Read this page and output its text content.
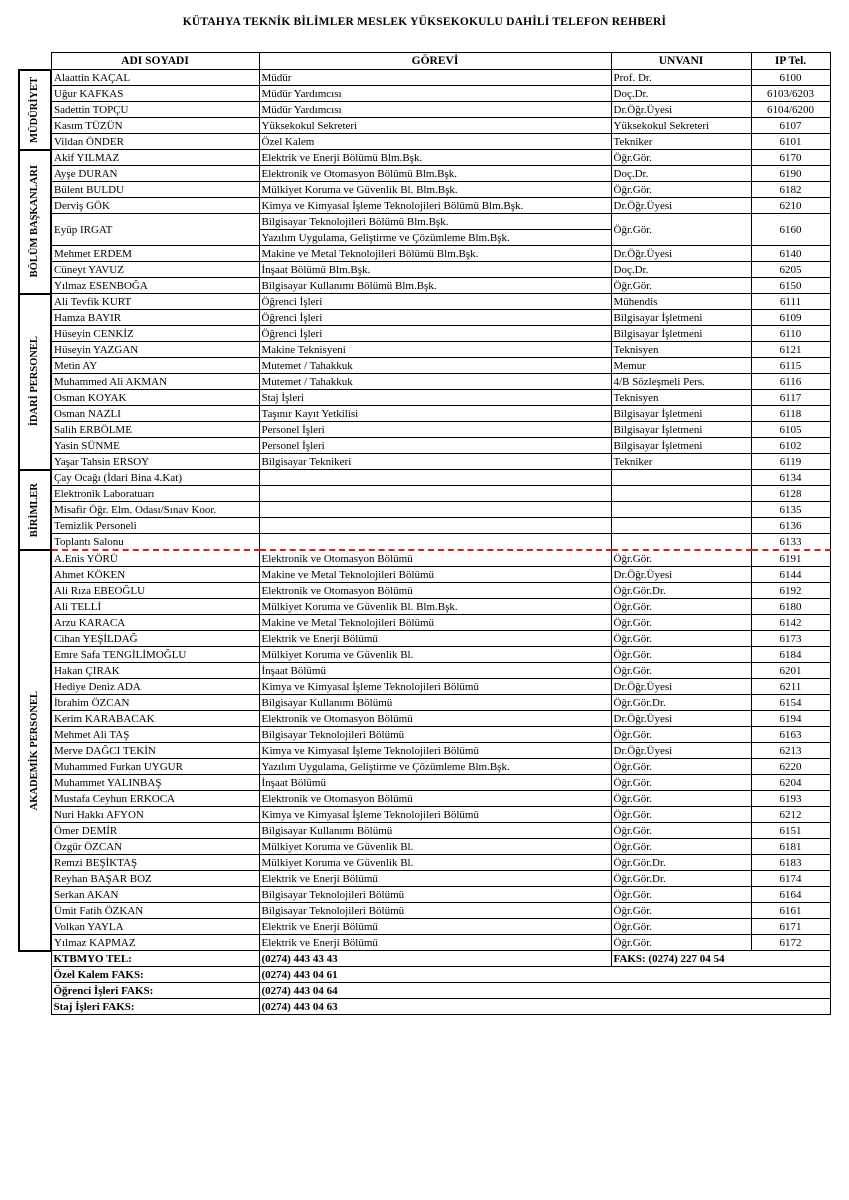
KÜTAHYA TEKNİK BİLİMLER MESLEK YÜKSEKOKULU DAHİLİ TELEFON REHBERİ
	ADI SOYADI	GÖREVİ	UNVANI	IP Tel.

MÜDÜRİYET	Alaattin KAÇAL	Müdür	Prof. Dr.	6100
	Uğur KAFKAS	Müdür Yardımcısı	Doç.Dr.	6103/6203
	Sadettin TOPÇU	Müdür Yardımcısı	Dr.Öğr.Üyesi	6104/6200
	Kasım TÜZÜN	Yüksekokul Sekreteri	Yüksekokul Sekreteri	6107
	Vildan ÖNDER	Özel Kalem	Tekniker	6101

BÖLÜM BAŞKANLARI	Akif YILMAZ	Elektrik ve Enerji Bölümü Blm.Bşk.	Öğr.Gör.	6170
	Ayşe DURAN	Elektronik ve Otomasyon Bölümü Blm.Bşk.	Doç.Dr.	6190
	Bülent BULDU	Mülkiyet Koruma ve Güvenlik Bl. Blm.Bşk.	Öğr.Gör.	6182
	Derviş GÖK	Kimya ve Kimyasal İşleme Teknolojileri Bölümü Blm.Bşk.	Dr.Öğr.Üyesi	6210
	Eyüp IRGAT	Bilgisayar Teknolojileri Bölümü Blm.Bşk.	Öğr.Gör.	6160
		Yazılım Uygulama, Geliştirme ve Çözümleme Blm.Bşk.		
	Mehmet ERDEM	Makine ve Metal Teknolojileri Bölümü Blm.Bşk.	Dr.Öğr.Üyesi	6140
	Cüneyt YAVUZ	İnşaat Bölümü Blm.Bşk.	Doç.Dr.	6205
	Yılmaz ESENBOĞA	Bilgisayar Kullanımı Bölümü Blm.Bşk.	Öğr.Gör.	6150

İDARİ PERSONEL	Ali Tevfik KURT	Öğrenci İşleri	Mühendis	6111
	Hamza BAYIR	Öğrenci İşleri	Bilgisayar İşletmeni	6109
	Hüseyin CENKİZ	Öğrenci İşleri	Bilgisayar İşletmeni	6110
	Hüseyin YAZGAN	Makine Teknisyeni	Teknisyen	6121
	Metin AY	Mutemet / Tahakkuk	Memur	6115
	Muhammed Ali AKMAN	Mutemet / Tahakkuk	4/B Sözleşmeli Pers.	6116
	Osman KOYAK	Staj İşleri	Teknisyen	6117
	Osman NAZLI	Taşınır Kayıt Yetkilisi	Bilgisayar İşletmeni	6118
	Salih ERBÖLME	Personel İşleri	Bilgisayar İşletmeni	6105
	Yasin SÜNME	Personel İşleri	Bilgisayar İşletmeni	6102
	Yaşar Tahsin ERSOY	Bilgisayar Teknikeri	Tekniker	6119

BİRİMLER	Çay Ocağı (İdari Bina 4.Kat)			6134
	Elektronik Laboratuarı			6128
	Misafir Öğr. Elm. Odası/Sınav Koor.			6135
	Temizlik Personeli			6136
	Toplantı Salonu			6133

AKADEMİK PERSONEL	A.Enis YÖRÜ	Elektronik ve Otomasyon Bölümü	Öğr.Gör.	6191
	Ahmet KÖKEN	Makine ve Metal Teknolojileri Bölümü	Dr.Öğr.Üyesi	6144
	Ali Rıza EBEOĞLU	Elektronik ve Otomasyon Bölümü	Öğr.Gör.Dr.	6192
	Ali TELLİ	Mülkiyet Koruma ve Güvenlik Bl. Blm.Bşk.	Öğr.Gör.	6180
	Arzu KARACA	Makine ve Metal Teknolojileri Bölümü	Öğr.Gör.	6142
	Cihan YEŞİLDAĞ	Elektrik ve Enerji Bölümü	Öğr.Gör.	6173
	Emre Safa TENGİLİMOĞLU	Mülkiyet Koruma ve Güvenlik Bl.	Öğr.Gör.	6184
	Hakan ÇIRAK	İnşaat Bölümü	Öğr.Gör.	6201
	Hediye Deniz ADA	Kimya ve Kimyasal İşleme Teknolojileri Bölümü	Dr.Öğr.Üyesi	6211
	İbrahim ÖZCAN	Bilgisayar Kullanımı Bölümü	Öğr.Gör.Dr.	6154
	Kerim KARABACAK	Elektronik ve Otomasyon Bölümü	Dr.Öğr.Üyesi	6194
	Mehmet Ali TAŞ	Bilgisayar Teknolojileri Bölümü	Öğr.Gör.	6163
	Merve DAĞCI TEKİN	Kimya ve Kimyasal İşleme Teknolojileri Bölümü	Dr.Öğr.Üyesi	6213
	Muhammed Furkan UYGUR	Yazılım Uygulama, Geliştirme ve Çözümleme Blm.Bşk.	Öğr.Gör.	6220
	Muhammet YALINBAŞ	İnşaat Bölümü	Öğr.Gör.	6204
	Mustafa Ceyhun ERKOCA	Elektronik ve Otomasyon Bölümü	Öğr.Gör.	6193
	Nuri Hakkı AFYON	Kimya ve Kimyasal İşleme Teknolojileri Bölümü	Öğr.Gör.	6212
	Ömer DEMİR	Bilgisayar Kullanımı Bölümü	Öğr.Gör.	6151
	Özgür ÖZCAN	Mülkiyet Koruma ve Güvenlik Bl.	Öğr.Gör.	6181
	Remzi BEŞİKTAŞ	Mülkiyet Koruma ve Güvenlik Bl.	Öğr.Gör.Dr.	6183
	Reyhan BAŞAR BOZ	Elektrik ve Enerji Bölümü	Öğr.Gör.Dr.	6174
	Serkan AKAN	Bilgisayar Teknolojileri Bölümü	Öğr.Gör.	6164
	Ümit Fatih ÖZKAN	Bilgisayar Teknolojileri Bölümü	Öğr.Gör.	6161
	Volkan YAYLA	Elektrik ve Enerji Bölümü	Öğr.Gör.	6171
	Yılmaz KAPMAZ	Elektrik ve Enerji Bölümü	Öğr.Gör.	6172
	KTBMYO TEL:	(0274) 443 43 43	FAKS: (0274) 227 04 54	
	Özel Kalem FAKS:	(0274) 443 04 61		
	Öğrenci İşleri FAKS:	(0274) 443 04 64		
	Staj İşleri FAKS:	(0274) 443 04 63		
